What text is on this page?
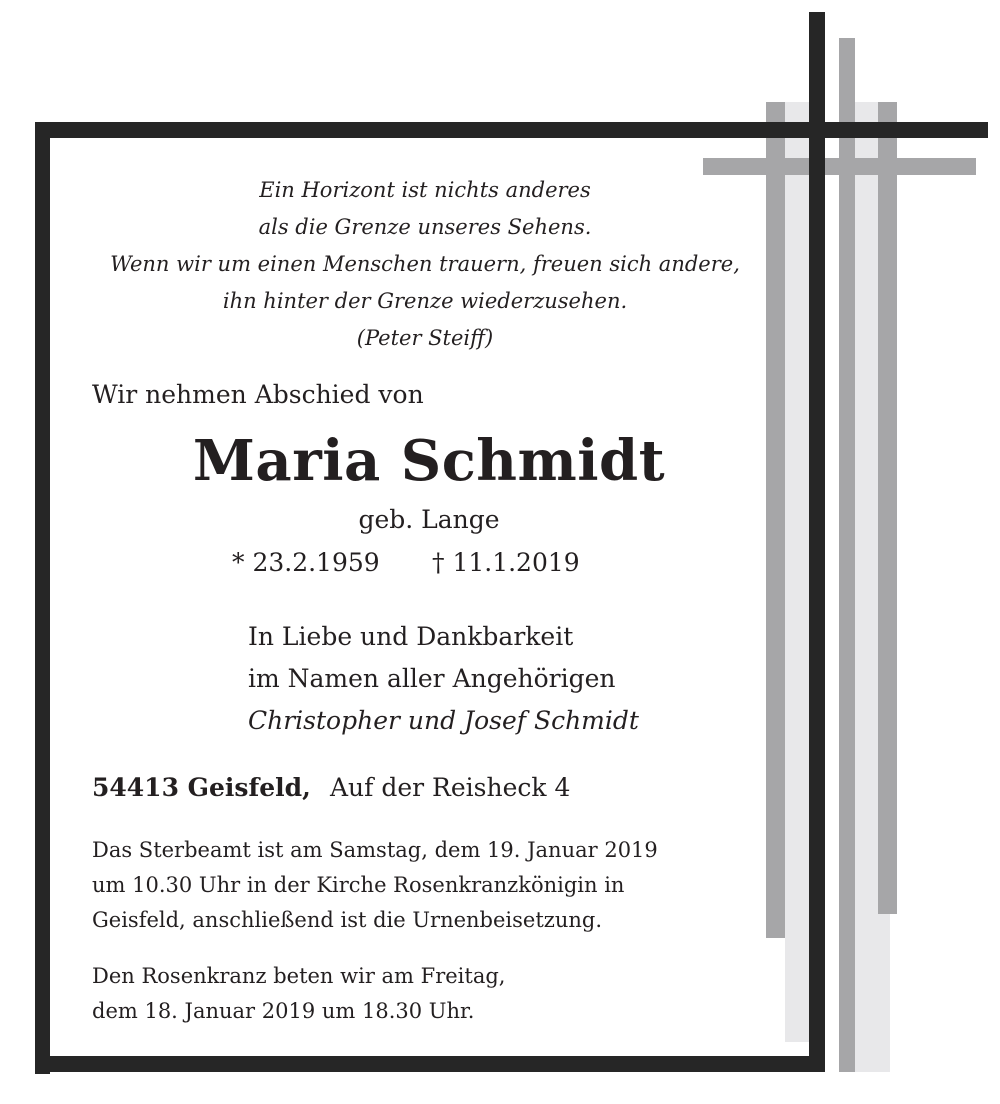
Ein Horizont ist nichts anderes
als die Grenze unseres Sehens.
Wenn wir um einen Menschen trauern, freuen sich andere,
ihn hinter der Grenze wiederzusehen.
(Peter Steiff)
Wir nehmen Abschied von
Maria Schmidt
geb. Lange
* 23.2.1959 † 11.1.2019
In Liebe und Dankbarkeit
im Namen aller Angehörigen
Christopher und Josef Schmidt
54413 Geisfeld, Auf der Reisheck 4
Das Sterbeamt ist am Samstag, dem 19. Januar 2019
um 10.30 Uhr in der Kirche Rosenkranzkönigin in
Geisfeld, anschließend ist die Urnenbeisetzung.
Den Rosenkranz beten wir am Freitag,
dem 18. Januar 2019 um 18.30 Uhr.
